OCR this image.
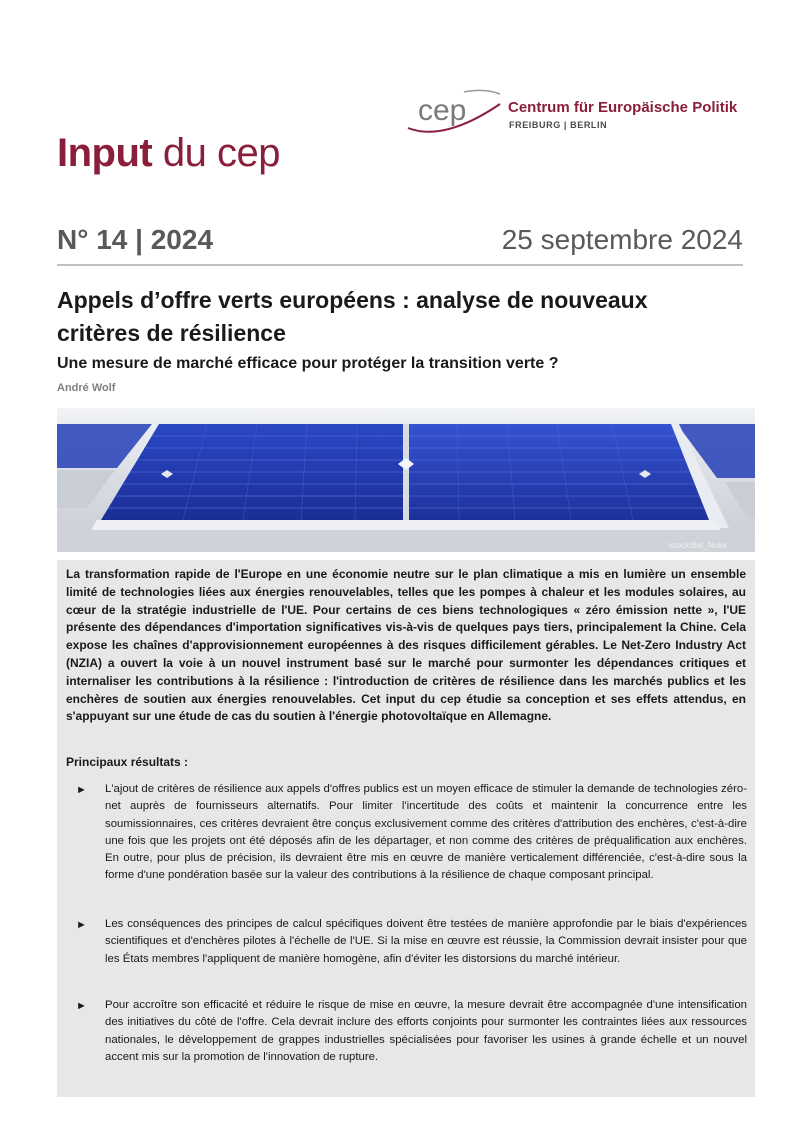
cep	Centrum für Europäische Politik
FREIBURG | BERLIN
Input du cep
N° 14 | 2024	25 septembre 2024
Appels d’offre verts européens : analyse de nouveaux critères de résilience
Une mesure de marché efficace pour protéger la transition verte ?
André Wolf
istock/Bet_Noire
La transformation rapide de l'Europe en une économie neutre sur le plan climatique a mis en lumière un ensemble limité de technologies liées aux énergies renouvelables, telles que les pompes à chaleur et les modules solaires, au cœur de la stratégie industrielle de l'UE. Pour certains de ces biens technologiques « zéro émission nette », l'UE présente des dépendances d'importation significatives vis-à-vis de quelques pays tiers, principalement la Chine. Cela expose les chaînes d'approvisionnement européennes à des risques difficilement gérables. Le Net-Zero Industry Act (NZIA) a ouvert la voie à un nouvel instrument basé sur le marché pour surmonter les dépendances critiques et internaliser les contributions à la résilience : l'introduction de critères de résilience dans les marchés publics et les enchères de soutien aux énergies renouvelables. Cet input du cep étudie sa conception et ses effets attendus, en s'appuyant sur une étude de cas du soutien à l'énergie photovoltaïque en Allemagne.
Principaux résultats :
► L'ajout de critères de résilience aux appels d'offres publics est un moyen efficace de stimuler la demande de technologies zéro-net auprès de fournisseurs alternatifs. Pour limiter l'incertitude des coûts et maintenir la concurrence entre les soumissionnaires, ces critères devraient être conçus exclusivement comme des critères d'attribution des enchères, c'est-à-dire une fois que les projets ont été déposés afin de les départager, et non comme des critères de préqualification aux enchères. En outre, pour plus de précision, ils devraient être mis en œuvre de manière verticalement différenciée, c'est-à-dire sous la forme d'une pondération basée sur la valeur des contributions à la résilience de chaque composant principal.
► Les conséquences des principes de calcul spécifiques doivent être testées de manière approfondie par le biais d'expériences scientifiques et d'enchères pilotes à l'échelle de l'UE. Si la mise en œuvre est réussie, la Commission devrait insister pour que les États membres l'appliquent de manière homogène, afin d'éviter les distorsions du marché intérieur.
► Pour accroître son efficacité et réduire le risque de mise en œuvre, la mesure devrait être accompagnée d'une intensification des initiatives du côté de l'offre. Cela devrait inclure des efforts conjoints pour surmonter les contraintes liées aux ressources nationales, le développement de grappes industrielles spécialisées pour favoriser les usines à grande échelle et un nouvel accent mis sur la promotion de l'innovation de rupture.
